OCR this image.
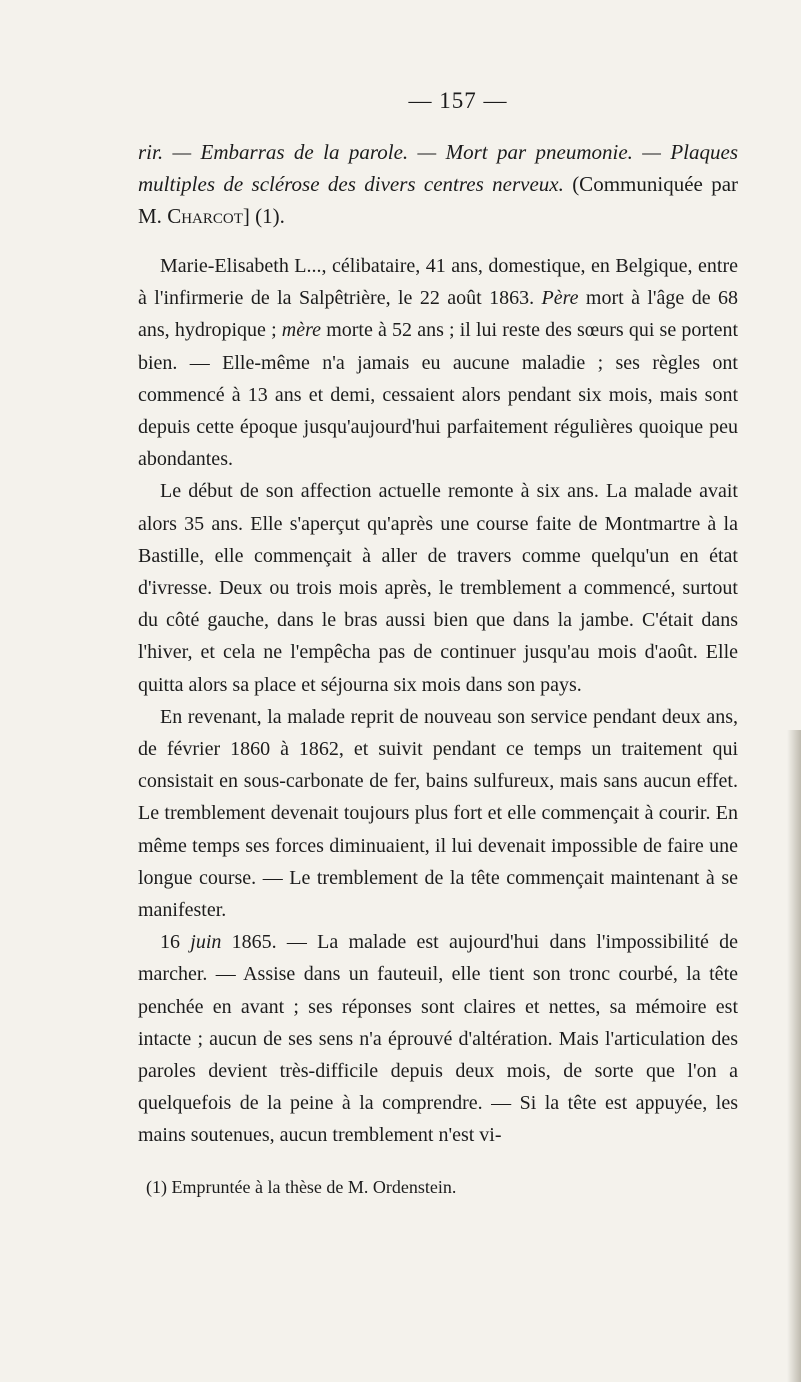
— 157 —
rir. — Embarras de la parole. — Mort par pneumonie. — Plaques multiples de sclérose des divers centres nerveux. (Communiquée par M. Charcot] (1).

Marie-Elisabeth L..., célibataire, 41 ans, domestique, en Belgique, entre à l'infirmerie de la Salpêtrière, le 22 août 1863. Père mort à l'âge de 68 ans, hydropique ; mère morte à 52 ans ; il lui reste des sœurs qui se portent bien. — Elle-même n'a jamais eu aucune maladie ; ses règles ont commencé à 13 ans et demi, cessaient alors pendant six mois, mais sont depuis cette époque jusqu'aujourd'hui parfaitement régulières quoique peu abondantes.

Le début de son affection actuelle remonte à six ans. La malade avait alors 35 ans. Elle s'aperçut qu'après une course faite de Montmartre à la Bastille, elle commençait à aller de travers comme quelqu'un en état d'ivresse. Deux ou trois mois après, le tremblement a commencé, surtout du côté gauche, dans le bras aussi bien que dans la jambe. C'était dans l'hiver, et cela ne l'empêcha pas de continuer jusqu'au mois d'août. Elle quitta alors sa place et séjourna six mois dans son pays.

En revenant, la malade reprit de nouveau son service pendant deux ans, de février 1860 à 1862, et suivit pendant ce temps un traitement qui consistait en sous-carbonate de fer, bains sulfureux, mais sans aucun effet. Le tremblement devenait toujours plus fort et elle commençait à courir. En même temps ses forces diminuaient, il lui devenait impossible de faire une longue course. — Le tremblement de la tête commençait maintenant à se manifester.

16 juin 1865. — La malade est aujourd'hui dans l'impossibilité de marcher. — Assise dans un fauteuil, elle tient son tronc courbé, la tête penchée en avant ; ses réponses sont claires et nettes, sa mémoire est intacte ; aucun de ses sens n'a éprouvé d'altération. Mais l'articulation des paroles devient très-difficile depuis deux mois, de sorte que l'on a quelquefois de la peine à la comprendre. — Si la tête est appuyée, les mains soutenues, aucun tremblement n'est vi-

(1) Empruntée à la thèse de M. Ordenstein.
